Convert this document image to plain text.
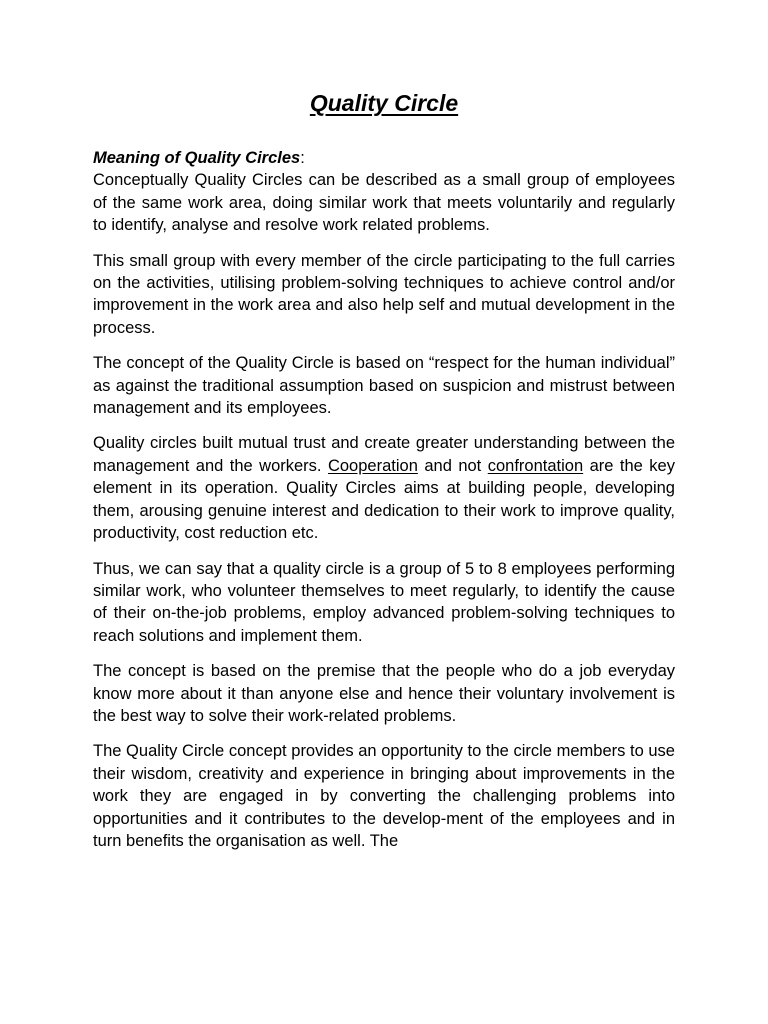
Quality Circle

Meaning of Quality Circles:

Conceptually Quality Circles can be described as a small group of employees of the same work area, doing similar work that meets voluntarily and regularly to identify, analyse and resolve work related problems.

This small group with every member of the circle participating to the full carries on the activities, utilising problem-solving techniques to achieve control and/or improvement in the work area and also help self and mutual development in the process.

The concept of the Quality Circle is based on “respect for the human individual” as against the traditional assumption based on suspicion and mistrust between management and its employees.

Quality circles built mutual trust and create greater understanding between the management and the workers. Cooperation and not confrontation are the key element in its operation. Quality Circles aims at building people, developing them, arousing genuine interest and dedication to their work to improve quality, productivity, cost reduction etc.

Thus, we can say that a quality circle is a group of 5 to 8 employees performing similar work, who volunteer themselves to meet regularly, to identify the cause of their on-the-job problems, employ advanced problem-solving techniques to reach solutions and implement them.

The concept is based on the premise that the people who do a job everyday know more about it than anyone else and hence their voluntary involvement is the best way to solve their work-related problems.

The Quality Circle concept provides an opportunity to the circle members to use their wisdom, creativity and experience in bringing about improvements in the work they are engaged in by converting the challenging problems into opportunities and it contributes to the develop-ment of the employees and in turn benefits the organisation as well. The
